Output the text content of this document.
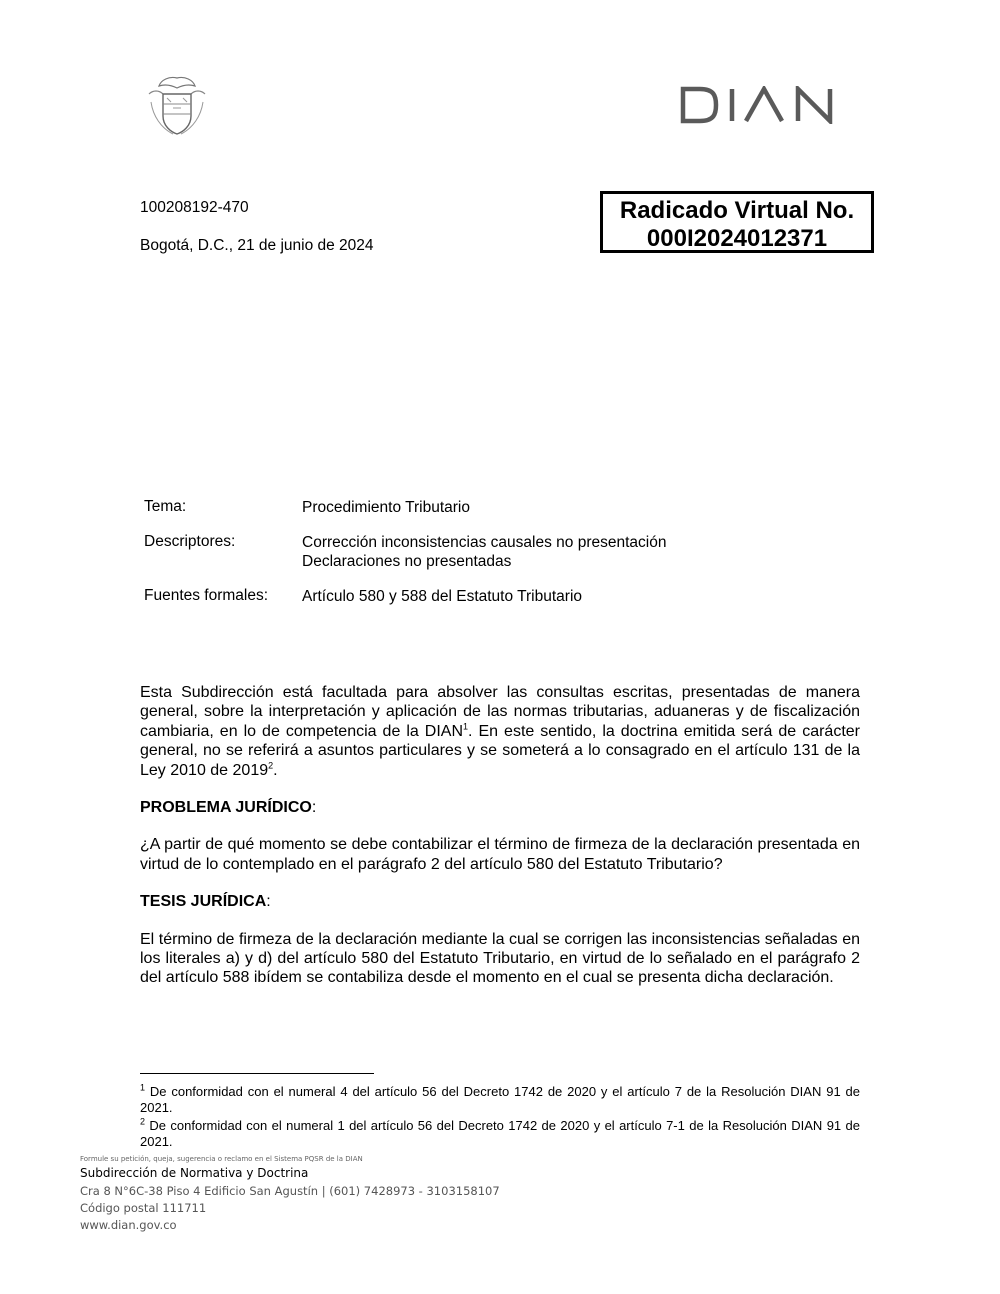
100208192-470
Bogotá, D.C., 21 de junio de 2024
Radicado Virtual No.
000I2024012371
Tema:	Procedimiento Tributario
Descriptores:	Corrección inconsistencias causales no presentación
Declaraciones no presentadas
Fuentes formales:	Artículo 580 y 588 del Estatuto Tributario

Esta Subdirección está facultada para absolver las consultas escritas, presentadas de manera general, sobre la interpretación y aplicación de las normas tributarias, aduaneras y de fiscalización cambiaria, en lo de competencia de la DIAN$^1$. En este sentido, la doctrina emitida será de carácter general, no se referirá a asuntos particulares y se someterá a lo consagrado en el artículo 131 de la Ley 2010 de 2019$^2$.

PROBLEMA JURÍDICO:

¿A partir de qué momento se debe contabilizar el término de firmeza de la declaración presentada en virtud de lo contemplado en el parágrafo 2 del artículo 580 del Estatuto Tributario?

TESIS JURÍDICA:

El término de firmeza de la declaración mediante la cual se corrigen las inconsistencias señaladas en los literales a) y d) del artículo 580 del Estatuto Tributario, en virtud de lo señalado en el parágrafo 2 del artículo 588 ibídem se contabiliza desde el momento en el cual se presenta dicha declaración.

$^1$ De conformidad con el numeral 4 del artículo 56 del Decreto 1742 de 2020 y el artículo 7 de la Resolución DIAN 91 de 2021.

$^2$ De conformidad con el numeral 1 del artículo 56 del Decreto 1742 de 2020 y el artículo 7-1 de la Resolución DIAN 91 de 2021.

Formule su petición, queja, sugerencia o reclamo en el Sistema PQSR de la DIAN
Subdirección de Normativa y Doctrina
Cra 8 N°6C-38 Piso 4 Edificio San Agustín | (601) 7428973 - 3103158107
Código postal 111711
www.dian.gov.co
